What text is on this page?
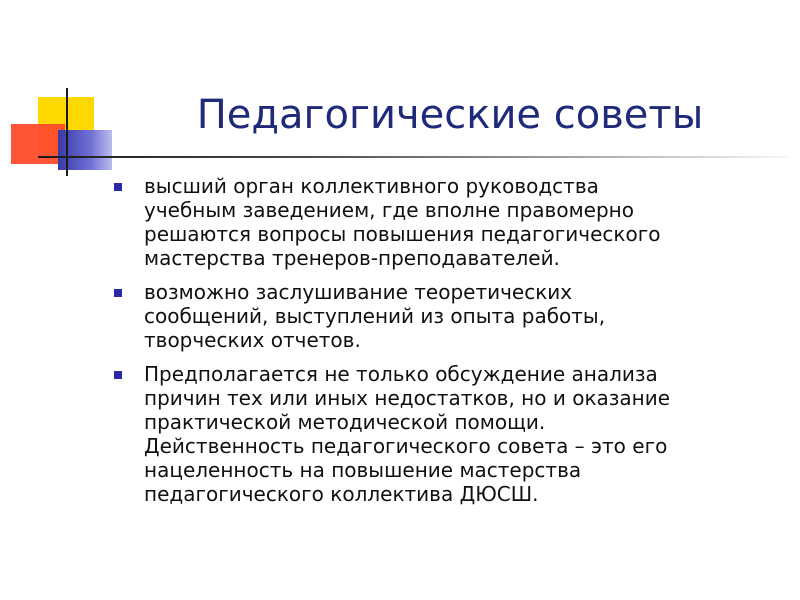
Педагогические советы
высший орган коллективного руководства
учебным заведением, где вполне правомерно
решаются вопросы повышения педагогического
мастерства тренеров-преподавателей.
возможно заслушивание теоретических
сообщений, выступлений из опыта работы,
творческих отчетов.
Предполагается не только обсуждение анализа
причин тех или иных недостатков, но и оказание
практической методической помощи.
Действенность педагогического совета – это его
нацеленность на повышение мастерства
педагогического коллектива ДЮСШ.
